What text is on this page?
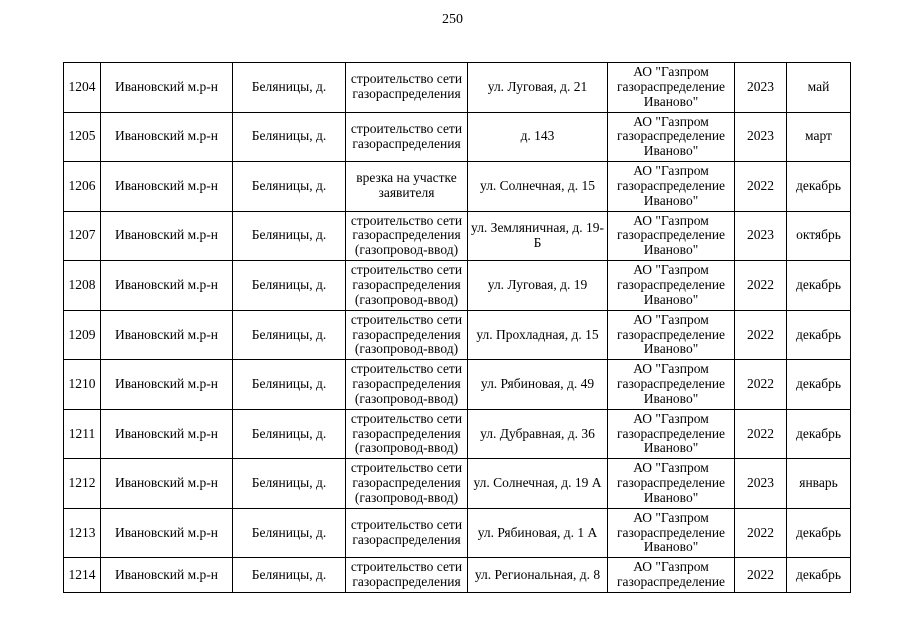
250
1204	Ивановский м.р-н	Беляницы, д.	строительство сети газораспределения	ул. Луговая, д. 21	АО "Газпром газораспределение Иваново"	2023	май
1205	Ивановский м.р-н	Беляницы, д.	строительство сети газораспределения	д. 143	АО "Газпром газораспределение Иваново"	2023	март
1206	Ивановский м.р-н	Беляницы, д.	врезка на участке заявителя	ул. Солнечная, д. 15	АО "Газпром газораспределение Иваново"	2022	декабрь
1207	Ивановский м.р-н	Беляницы, д.	строительство сети газораспределения (газопровод-ввод)	ул. Земляничная, д. 19-Б	АО "Газпром газораспределение Иваново"	2023	октябрь
1208	Ивановский м.р-н	Беляницы, д.	строительство сети газораспределения (газопровод-ввод)	ул. Луговая, д. 19	АО "Газпром газораспределение Иваново"	2022	декабрь
1209	Ивановский м.р-н	Беляницы, д.	строительство сети газораспределения (газопровод-ввод)	ул. Прохладная, д. 15	АО "Газпром газораспределение Иваново"	2022	декабрь
1210	Ивановский м.р-н	Беляницы, д.	строительство сети газораспределения (газопровод-ввод)	ул. Рябиновая, д. 49	АО "Газпром газораспределение Иваново"	2022	декабрь
1211	Ивановский м.р-н	Беляницы, д.	строительство сети газораспределения (газопровод-ввод)	ул. Дубравная, д. 36	АО "Газпром газораспределение Иваново"	2022	декабрь
1212	Ивановский м.р-н	Беляницы, д.	строительство сети газораспределения (газопровод-ввод)	ул. Солнечная, д. 19 А	АО "Газпром газораспределение Иваново"	2023	январь
1213	Ивановский м.р-н	Беляницы, д.	строительство сети газораспределения	ул. Рябиновая, д. 1 А	АО "Газпром газораспределение Иваново"	2022	декабрь
1214	Ивановский м.р-н	Беляницы, д.	строительство сети газораспределения	ул. Региональная, д. 8	АО "Газпром газораспределение	2022	декабрь
